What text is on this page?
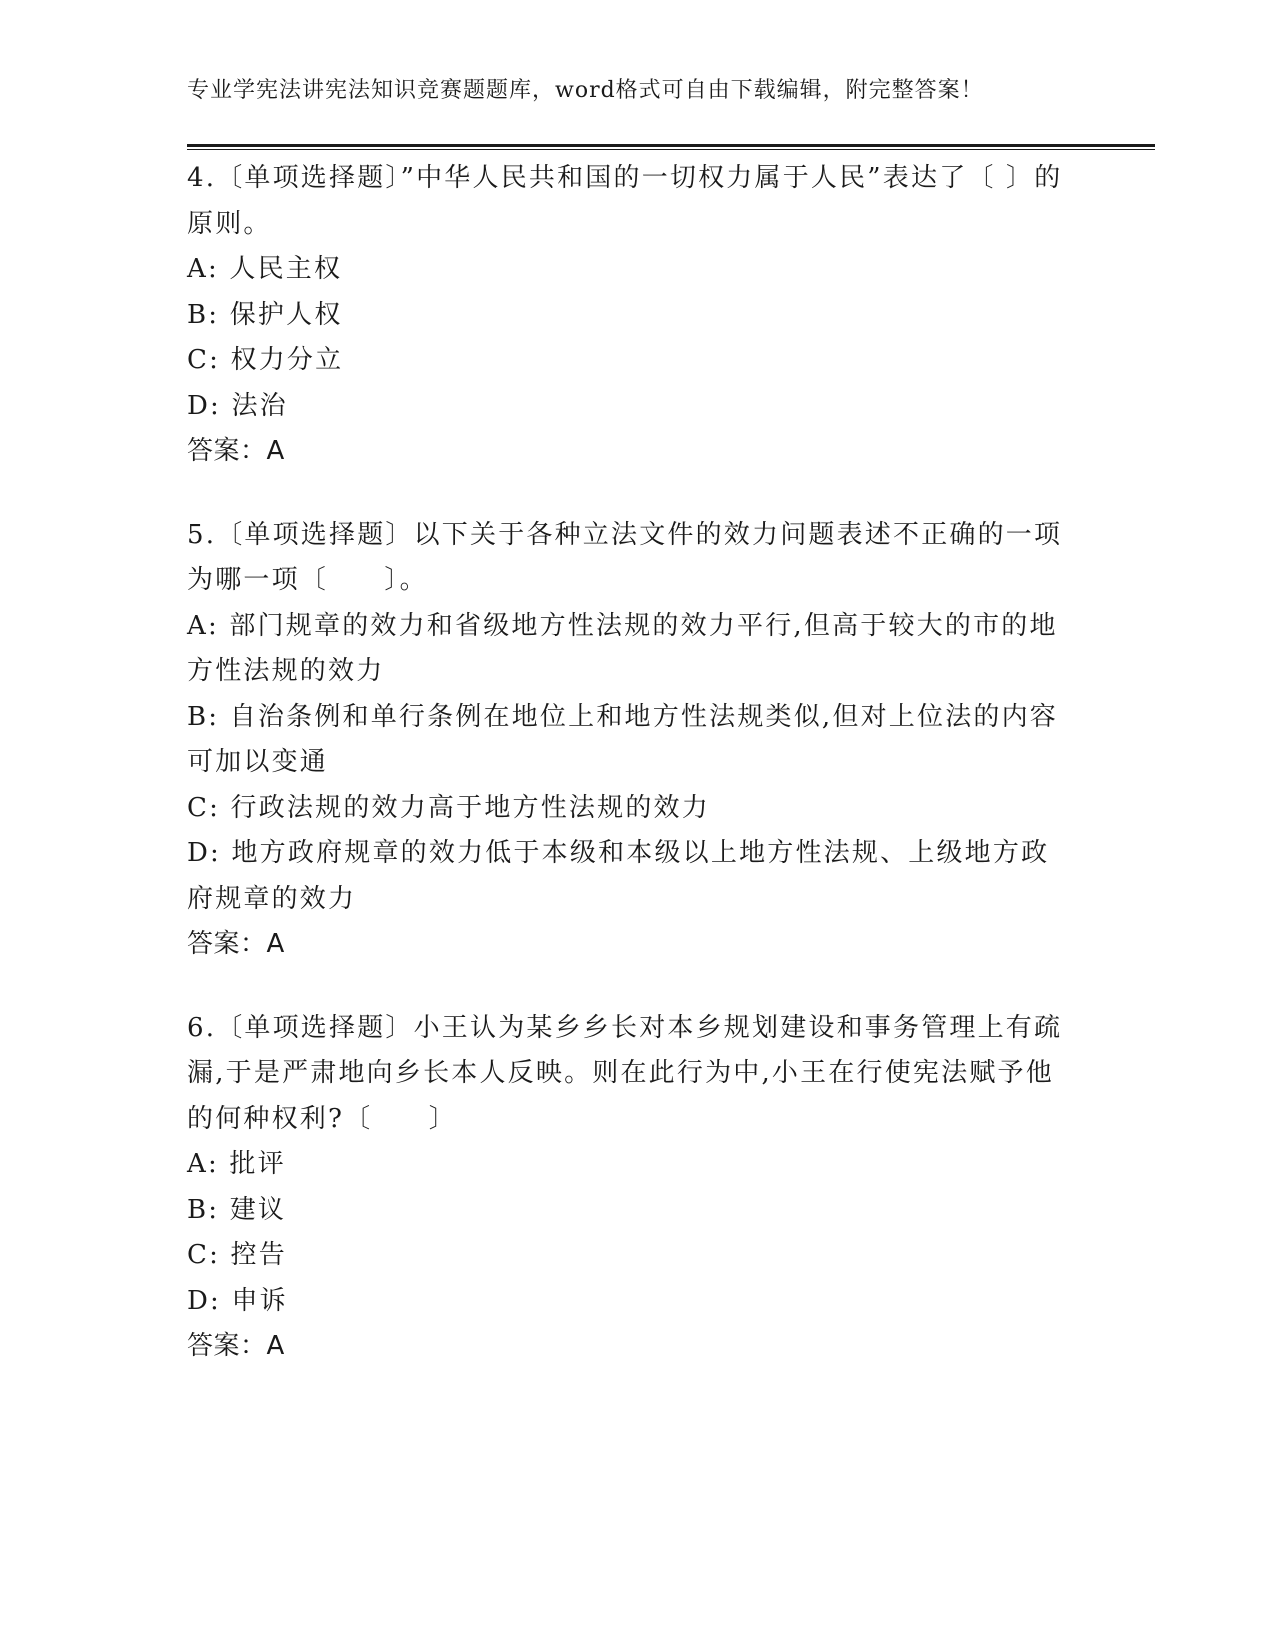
专业学宪法讲宪法知识竞赛题题库，word格式可自由下载编辑，附完整答案！
4.〔单项选择题〕”中华人民共和国的一切权力属于人民”表达了〔 〕的原则。
A: 人民主权
B: 保护人权
C: 权力分立
D: 法治
答案：A
5.〔单项选择题〕以下关于各种立法文件的效力问题表述不正确的一项为哪一项〔　　〕。
A: 部门规章的效力和省级地方性法规的效力平行,但高于较大的市的地方性法规的效力
B: 自治条例和单行条例在地位上和地方性法规类似,但对上位法的内容可加以变通
C: 行政法规的效力高于地方性法规的效力
D: 地方政府规章的效力低于本级和本级以上地方性法规、上级地方政府规章的效力
答案：A
6.〔单项选择题〕小王认为某乡乡长对本乡规划建设和事务管理上有疏漏,于是严肃地向乡长本人反映。则在此行为中,小王在行使宪法赋予他的何种权利?〔　　〕
A: 批评
B: 建议
C: 控告
D: 申诉
答案：A
